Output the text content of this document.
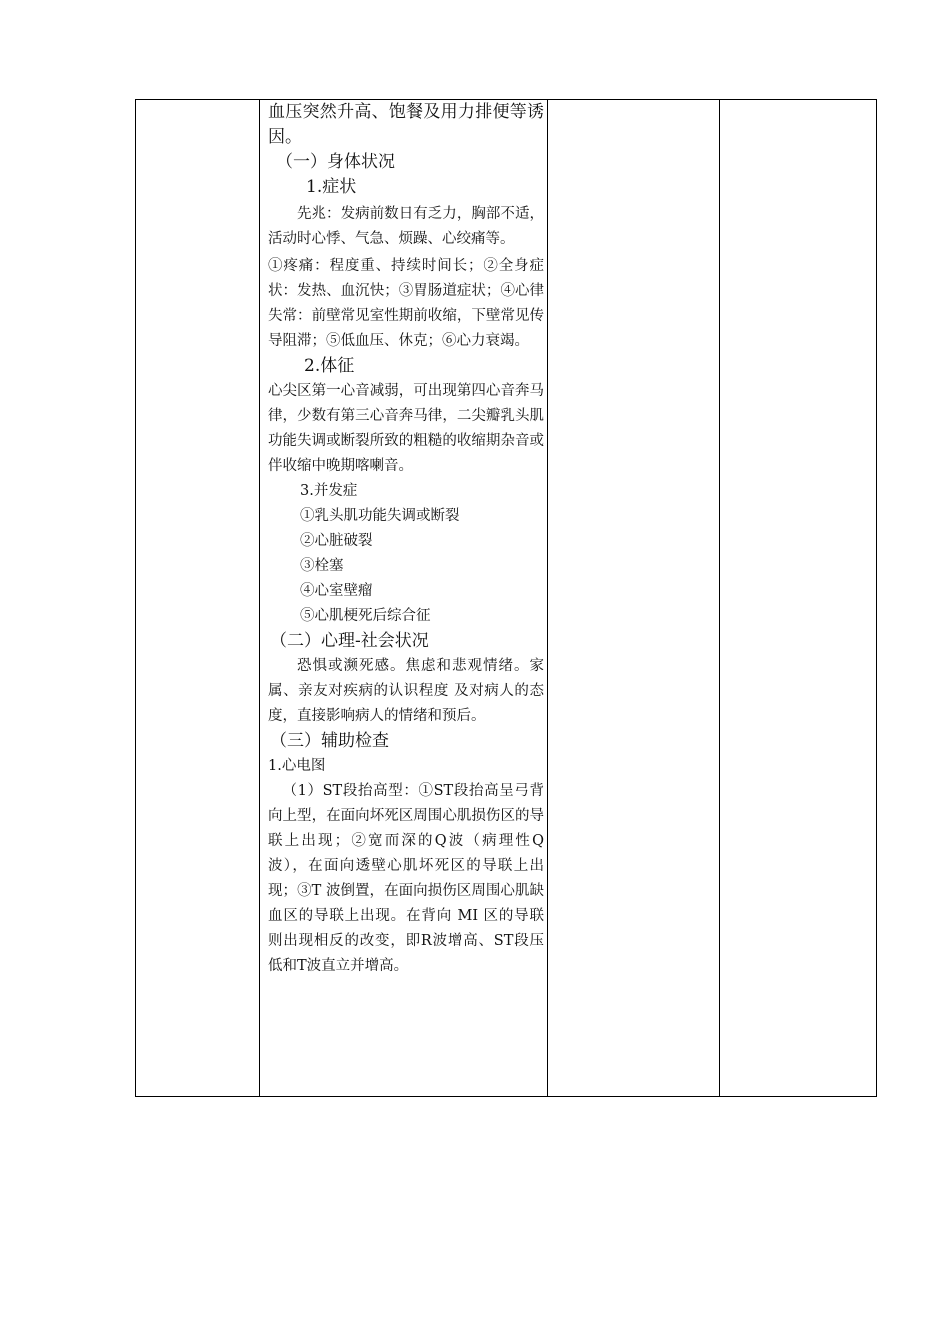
血压突然升高、饱餐及用力排便等诱因。

（一）身体状况

1.症状

先兆：发病前数日有乏力，胸部不适，活动时心悸、气急、烦躁、心绞痛等。

①疼痛：程度重、持续时间长；②全身症状：发热、血沉快；③胃肠道症状；④心律失常：前壁常见室性期前收缩，下壁常见传导阻滞；⑤低血压、休克；⑥心力衰竭。

2.体征

心尖区第一心音减弱，可出现第四心音奔马律，少数有第三心音奔马律，二尖瓣乳头肌功能失调或断裂所致的粗糙的收缩期杂音或伴收缩中晚期喀喇音。

3.并发症

①乳头肌功能失调或断裂

②心脏破裂

③栓塞

④心室壁瘤

⑤心肌梗死后综合征

（二）心理-社会状况

恐惧或濒死感。焦虑和悲观情绪。家属、亲友对疾病的认识程度 及对病人的态度，直接影响病人的情绪和预后。

（三）辅助检查

1.心电图

（1）ST段抬高型：①ST段抬高呈弓背向上型，在面向坏死区周围心肌损伤区的导联上出现；②宽而深的Q波（病理性Q波），在面向透壁心肌坏死区的导联上出现；③T 波倒置，在面向损伤区周围心肌缺血区的导联上出现。在背向 MI 区的导联则出现相反的改变，即R波增高、ST段压低和T波直立并增高。
